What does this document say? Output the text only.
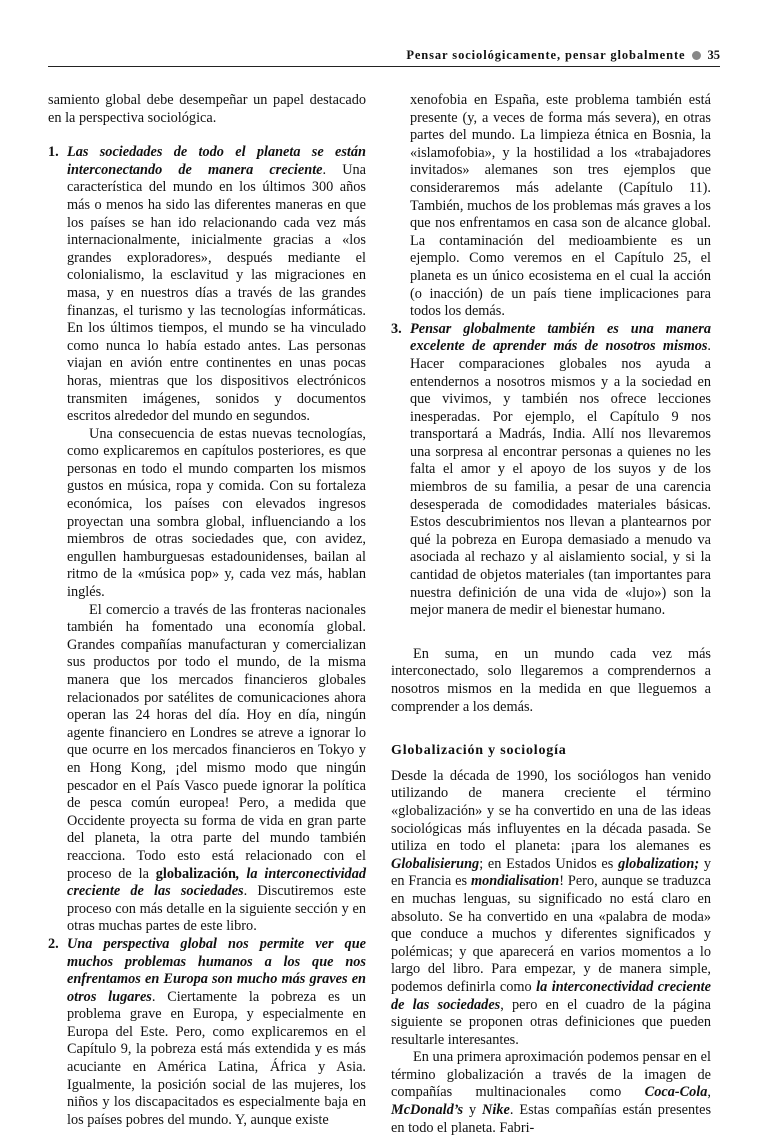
Pensar sociológicamente, pensar globalmente 35

samiento global debe desempeñar un papel destacado en la perspectiva sociológica.

1. Las sociedades de todo el planeta se están interconectando de manera creciente. Una característica del mundo en los últimos 300 años más o menos ha sido las diferentes maneras en que los países se han ido relacionando cada vez más internacionalmente, inicialmente gracias a «los grandes exploradores», después mediante el colonialismo, la esclavitud y las migraciones en masa, y en nuestros días a través de las grandes finanzas, el turismo y las tecnologías informáticas. En los últimos tiempos, el mundo se ha vinculado como nunca lo había estado antes. Las personas viajan en avión entre continentes en unas pocas horas, mientras que los dispositivos electrónicos transmiten imágenes, sonidos y documentos escritos alrededor del mundo en segundos.

Una consecuencia de estas nuevas tecnologías, como explicaremos en capítulos posteriores, es que personas en todo el mundo comparten los mismos gustos en música, ropa y comida. Con su fortaleza económica, los países con elevados ingresos proyectan una sombra global, influenciando a los miembros de otras sociedades que, con avidez, engullen hamburguesas estadounidenses, bailan al ritmo de la «música pop» y, cada vez más, hablan inglés.

El comercio a través de las fronteras nacionales también ha fomentado una economía global. Grandes compañías manufacturan y comercializan sus productos por todo el mundo, de la misma manera que los mercados financieros globales relacionados por satélites de comunicaciones ahora operan las 24 horas del día. Hoy en día, ningún agente financiero en Londres se atreve a ignorar lo que ocurre en los mercados financieros en Tokyo y en Hong Kong, ¡del mismo modo que ningún pescador en el País Vasco puede ignorar la política de pesca común europea! Pero, a medida que Occidente proyecta su forma de vida en gran parte del planeta, la otra parte del mundo también reacciona. Todo esto está relacionado con el proceso de la globalización, la interconectividad creciente de las sociedades. Discutiremos este proceso con más detalle en la siguiente sección y en otras muchas partes de este libro.

2. Una perspectiva global nos permite ver que muchos problemas humanos a los que nos enfrentamos en Europa son mucho más graves en otros lugares. Ciertamente la pobreza es un problema grave en Europa, y especialmente en Europa del Este. Pero, como explicaremos en el Capítulo 9, la pobreza está más extendida y es más acuciante en América Latina, África y Asia. Igualmente, la posición social de las mujeres, los niños y los discapacitados es especialmente baja en los países pobres del mundo. Y, aunque existe
xenofobia en España, este problema también está presente (y, a veces de forma más severa), en otras partes del mundo. La limpieza étnica en Bosnia, la «islamofobia», y la hostilidad a los «trabajadores invitados» alemanes son tres ejemplos que consideraremos más adelante (Capítulo 11). También, muchos de los problemas más graves a los que nos enfrentamos en casa son de alcance global. La contaminación del medioambiente es un ejemplo. Como veremos en el Capítulo 25, el planeta es un único ecosistema en el cual la acción (o inacción) de un país tiene implicaciones para todos los demás.
3. Pensar globalmente también es una manera excelente de aprender más de nosotros mismos. Hacer comparaciones globales nos ayuda a entendernos a nosotros mismos y a la sociedad en que vivimos, y también nos ofrece lecciones inesperadas. Por ejemplo, el Capítulo 9 nos transportará a Madrás, India. Allí nos llevaremos una sorpresa al encontrar personas a quienes no les falta el amor y el apoyo de los suyos y de los miembros de su familia, a pesar de una carencia desesperada de comodidades materiales básicas. Estos descubrimientos nos llevan a plantearnos por qué la pobreza en Europa demasiado a menudo va asociada al rechazo y al aislamiento social, y si la cantidad de objetos materiales (tan importantes para nuestra definición de una vida de «lujo») son la mejor manera de medir el bienestar humano.

En suma, en un mundo cada vez más interconectado, solo llegaremos a comprendernos a nosotros mismos en la medida en que lleguemos a comprender a los demás.

Globalización y sociología

Desde la década de 1990, los sociólogos han venido utilizando de manera creciente el término «globalización» y se ha convertido en una de las ideas sociológicas más influyentes en la década pasada. Se utiliza en todo el planeta: ¡para los alemanes es Globalisierung; en Estados Unidos es globalization; y en Francia es mondialisation! Pero, aunque se traduzca en muchas lenguas, su significado no está claro en absoluto. Se ha convertido en una «palabra de moda» que conduce a muchos y diferentes significados y polémicas; y que aparecerá en varios momentos a lo largo del libro. Para empezar, y de manera simple, podemos definirla como la interconectividad creciente de las sociedades, pero en el cuadro de la página siguiente se proponen otras definiciones que pueden resultarle interesantes.

En una primera aproximación podemos pensar en el término globalización a través de la imagen de compañías multinacionales como Coca-Cola, McDonald’s y Nike. Estas compañías están presentes en todo el planeta. Fabri-
